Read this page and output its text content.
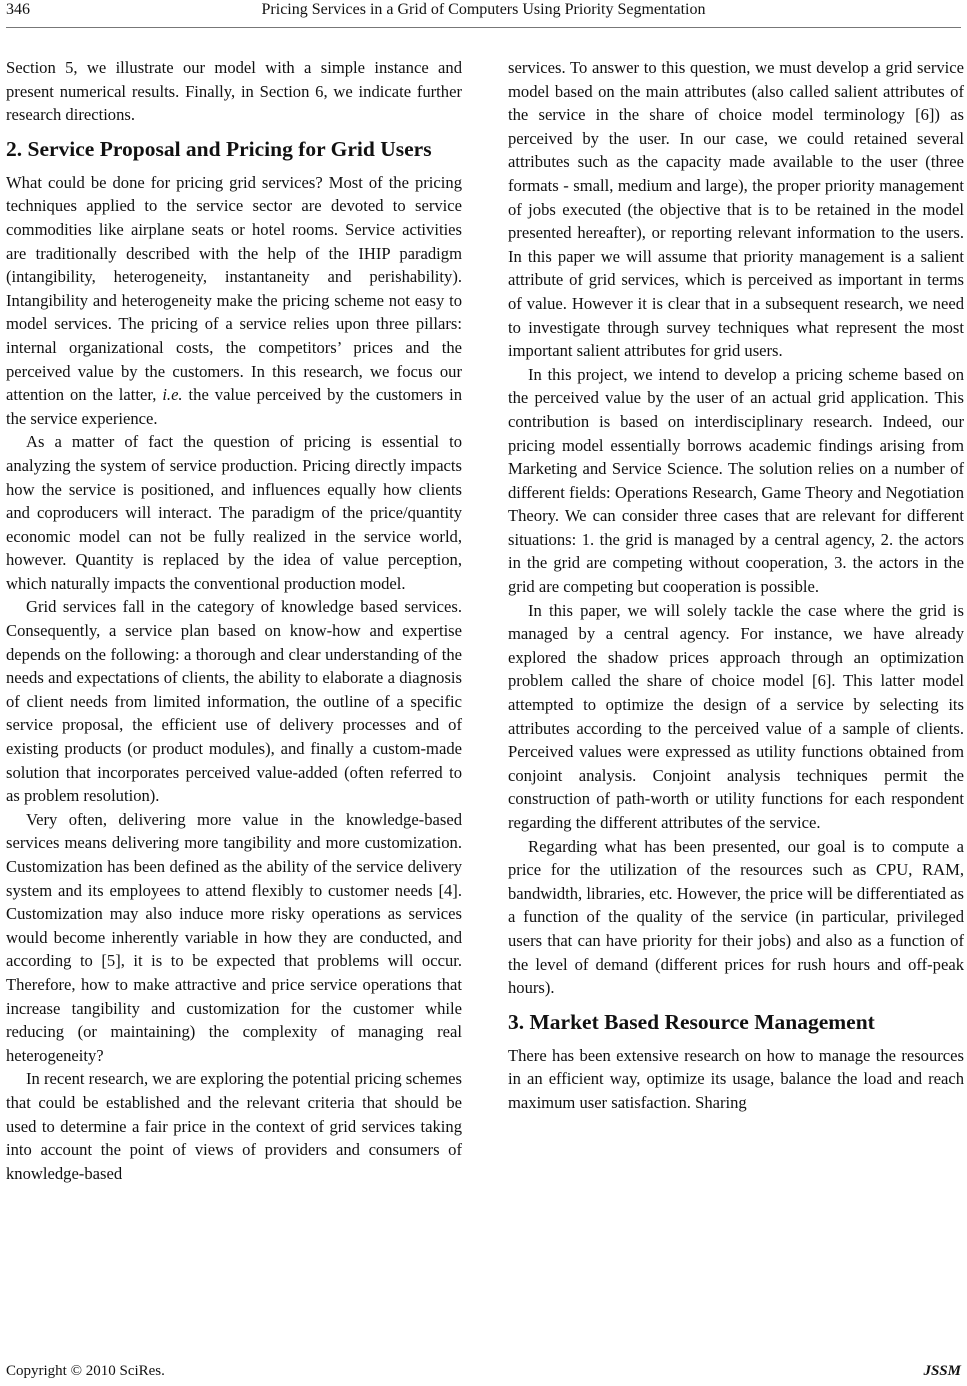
346	Pricing Services in a Grid of Computers Using Priority Segmentation

Section 5, we illustrate our model with a simple instance and present numerical results. Finally, in Section 6, we indicate further research directions.

2. Service Proposal and Pricing for Grid Users

What could be done for pricing grid services? Most of the pricing techniques applied to the service sector are devoted to service commodities like airplane seats or hotel rooms. Service activities are traditionally described with the help of the IHIP paradigm (intangibility, heterogeneity, instantaneity and perishability). Intangibility and heterogeneity make the pricing scheme not easy to model services. The pricing of a service relies upon three pillars: internal organizational costs, the competitors’ prices and the perceived value by the customers. In this research, we focus our attention on the latter, i.e. the value perceived by the customers in the service experience.

As a matter of fact the question of pricing is essential to analyzing the system of service production. Pricing directly impacts how the service is positioned, and influences equally how clients and coproducers will interact. The paradigm of the price/quantity economic model can not be fully realized in the service world, however. Quantity is replaced by the idea of value perception, which naturally impacts the conventional production model.

Grid services fall in the category of knowledge based services. Consequently, a service plan based on know-how and expertise depends on the following: a thorough and clear understanding of the needs and expectations of clients, the ability to elaborate a diagnosis of client needs from limited information, the outline of a specific service proposal, the efficient use of delivery processes and of existing products (or product modules), and finally a custom-made solution that incorporates perceived value-added (often referred to as problem resolution).

Very often, delivering more value in the knowledge-based services means delivering more tangibility and more customization. Customization has been defined as the ability of the service delivery system and its employees to attend flexibly to customer needs [4]. Customization may also induce more risky operations as services would become inherently variable in how they are conducted, and according to [5], it is to be expected that problems will occur. Therefore, how to make attractive and price service operations that increase tangibility and customization for the customer while reducing (or maintaining) the complexity of managing real heterogeneity?

In recent research, we are exploring the potential pricing schemes that could be established and the relevant criteria that should be used to determine a fair price in the context of grid services taking into account the point of views of providers and consumers of knowledge-based

services. To answer to this question, we must develop a grid service model based on the main attributes (also called salient attributes of the service in the share of choice model terminology [6]) as perceived by the user. In our case, we could retained several attributes such as the capacity made available to the user (three formats - small, medium and large), the proper priority management of jobs executed (the objective that is to be retained in the model presented hereafter), or reporting relevant information to the users. In this paper we will assume that priority management is a salient attribute of grid services, which is perceived as important in terms of value. However it is clear that in a subsequent research, we need to investigate through survey techniques what represent the most important salient attributes for grid users.

In this project, we intend to develop a pricing scheme based on the perceived value by the user of an actual grid application. This contribution is based on interdisciplinary research. Indeed, our pricing model essentially borrows academic findings arising from Marketing and Service Science. The solution relies on a number of different fields: Operations Research, Game Theory and Negotiation Theory. We can consider three cases that are relevant for different situations: 1. the grid is managed by a central agency, 2. the actors in the grid are competing without cooperation, 3. the actors in the grid are competing but cooperation is possible.

In this paper, we will solely tackle the case where the grid is managed by a central agency. For instance, we have already explored the shadow prices approach through an optimization problem called the share of choice model [6]. This latter model attempted to optimize the design of a service by selecting its attributes according to the perceived value of a sample of clients. Perceived values were expressed as utility functions obtained from conjoint analysis. Conjoint analysis techniques permit the construction of path-worth or utility functions for each respondent regarding the different attributes of the service.

Regarding what has been presented, our goal is to compute a price for the utilization of the resources such as CPU, RAM, bandwidth, libraries, etc. However, the price will be differentiated as a function of the quality of the service (in particular, privileged users that can have priority for their jobs) and also as a function of the level of demand (different prices for rush hours and off-peak hours).

3. Market Based Resource Management

There has been extensive research on how to manage the resources in an efficient way, optimize its usage, balance the load and reach maximum user satisfaction. Sharing

Copyright © 2010 SciRes.	JSSM
